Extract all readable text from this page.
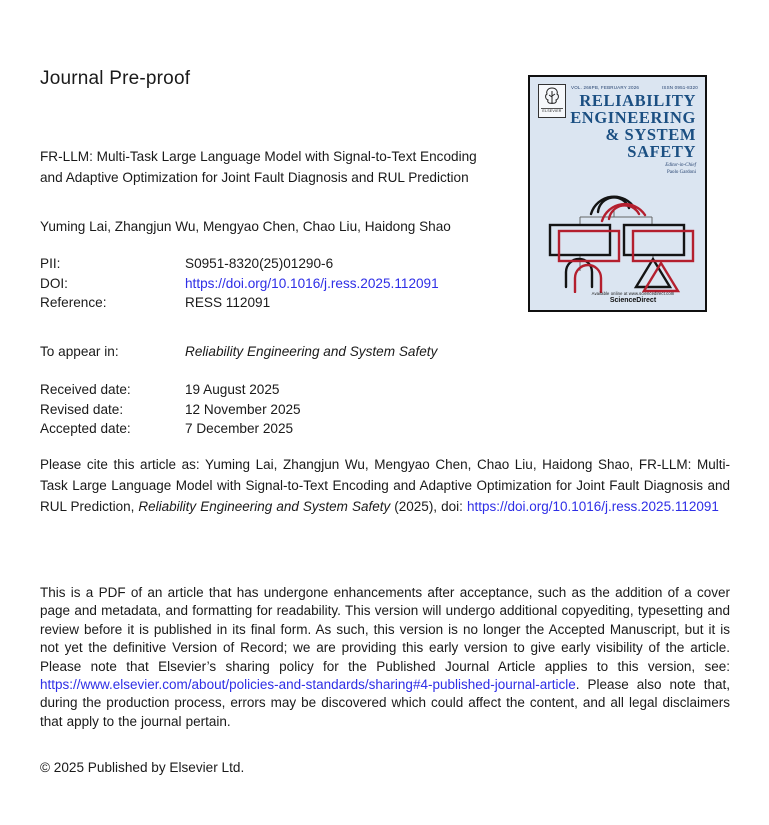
Journal Pre-proof
ELSEVIER
VOL. 266PB, FEBRUARY 2026	ISSN 0951-8320
RELIABILITY
ENGINEERING
& SYSTEM
SAFETY
Editor-in-Chief
Paolo Gardoni
Available online at www.sciencedirect.com
ScienceDirect
FR-LLM: Multi-Task Large Language Model with Signal-to-Text Encoding and Adaptive Optimization for Joint Fault Diagnosis and RUL Prediction
Yuming Lai, Zhangjun Wu, Mengyao Chen, Chao Liu, Haidong Shao
PII:	S0951-8320(25)01290-6
DOI:	https://doi.org/10.1016/j.ress.2025.112091
Reference:	RESS 112091
To appear in:	Reliability Engineering and System Safety
Received date:	19 August 2025
Revised date:	12 November 2025
Accepted date:	7 December 2025
Please cite this article as: Yuming Lai, Zhangjun Wu, Mengyao Chen, Chao Liu, Haidong Shao, FR-LLM: Multi-Task Large Language Model with Signal-to-Text Encoding and Adaptive Optimization for Joint Fault Diagnosis and RUL Prediction, Reliability Engineering and System Safety (2025), doi: https://doi.org/10.1016/j.ress.2025.112091
This is a PDF of an article that has undergone enhancements after acceptance, such as the addition of a cover page and metadata, and formatting for readability. This version will undergo additional copyediting, typesetting and review before it is published in its final form. As such, this version is no longer the Accepted Manuscript, but it is not yet the definitive Version of Record; we are providing this early version to give early visibility of the article. Please note that Elsevier’s sharing policy for the Published Journal Article applies to this version, see: https://www.elsevier.com/about/policies-and-standards/sharing#4-published-journal-article. Please also note that, during the production process, errors may be discovered which could affect the content, and all legal disclaimers that apply to the journal pertain.
© 2025 Published by Elsevier Ltd.
